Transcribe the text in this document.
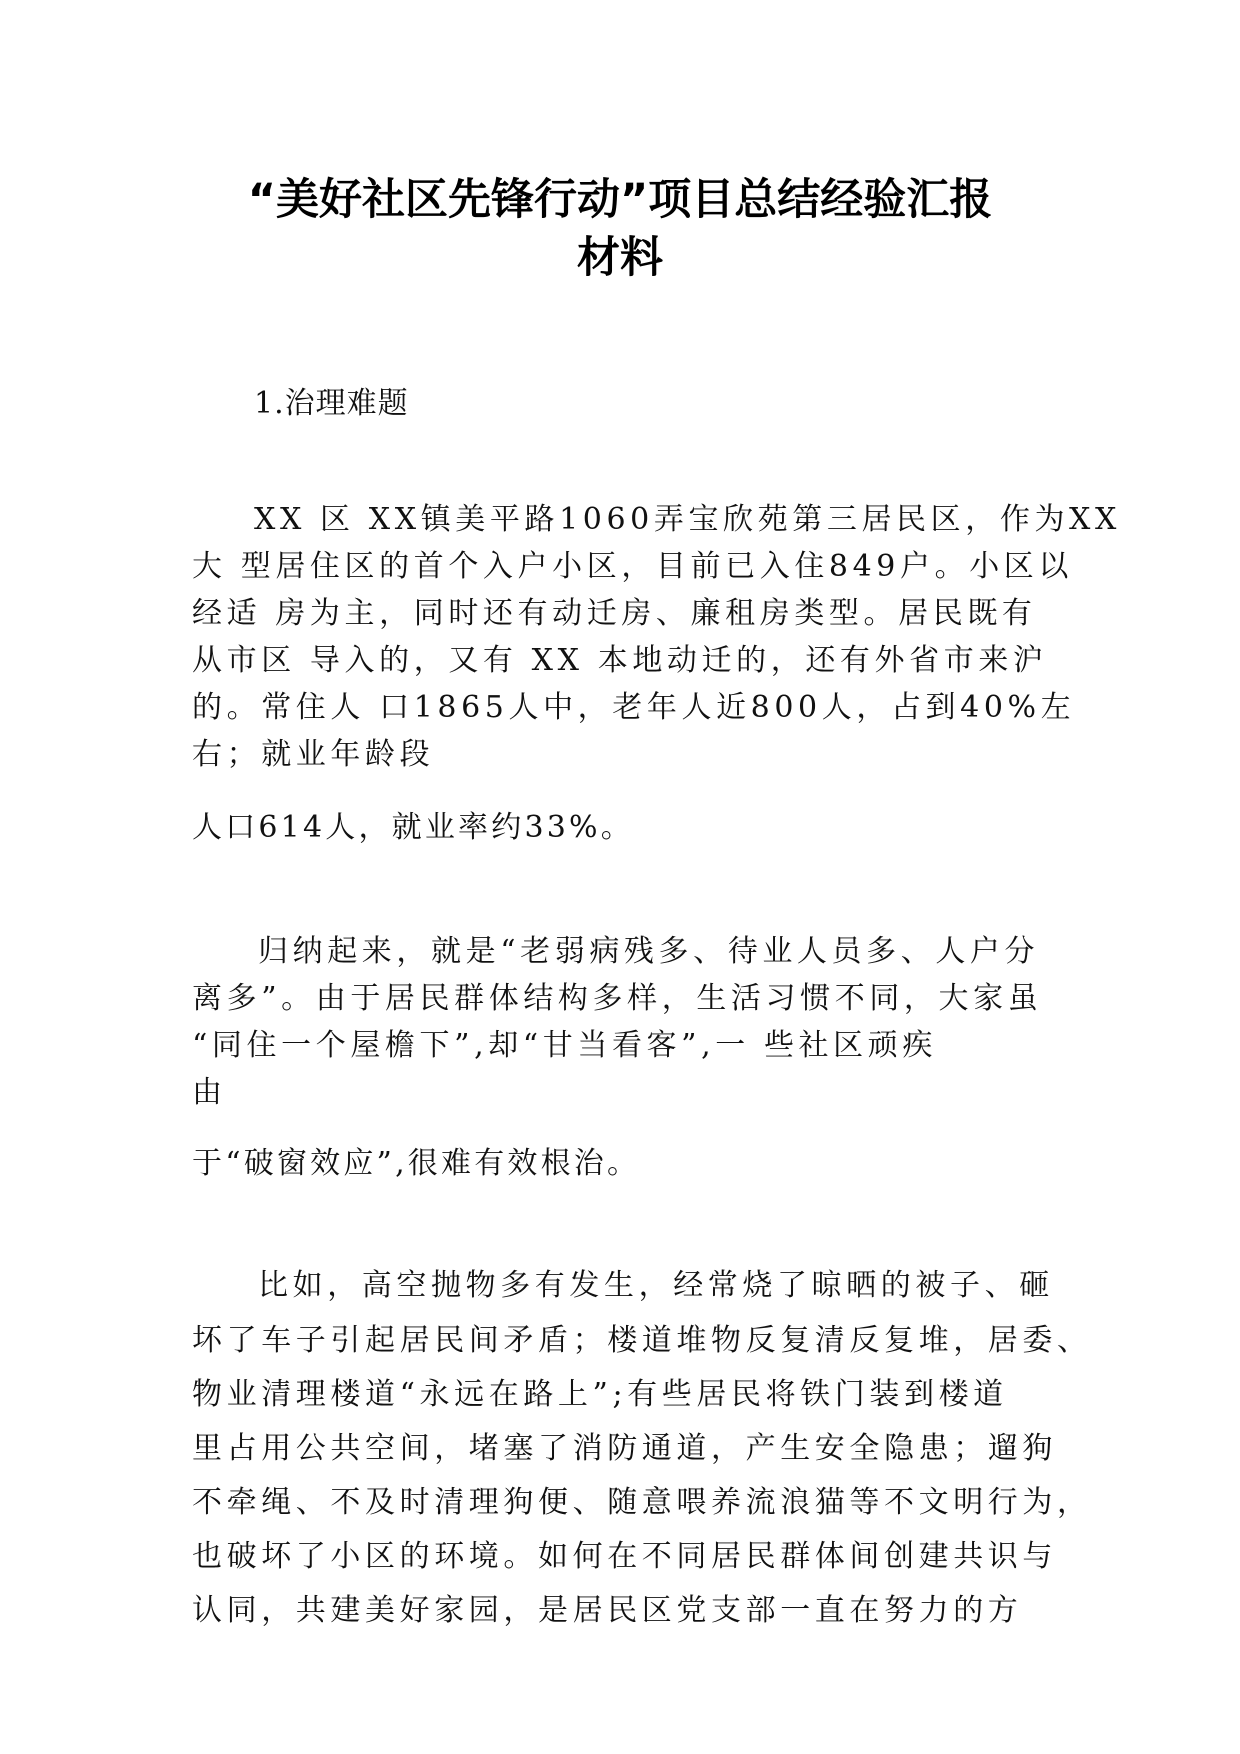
“美好社区先锋行动”项目总结经验汇报
材料

1.治理难题

XX 区 XX镇美平路1060弄宝欣苑第三居民区，作为XX

大 型居住区的首个入户小区，目前已入住849户。小区以

经适 房为主，同时还有动迁房、廉租房类型。居民既有

从市区 导入的，又有 XX 本地动迁的，还有外省市来沪

的。常住人 口1865人中，老年人近800人，占到40%左

右；就业年龄段

人口614人，就业率约33%。

归纳起来，就是“老弱病残多、待业人员多、人户分

离多”。由于居民群体结构多样，生活习惯不同，大家虽

“同住一个屋檐下”,却“甘当看客”,一 些社区顽疾

由

于“破窗效应”,很难有效根治。

比如，高空抛物多有发生，经常烧了晾晒的被子、砸

坏了车子引起居民间矛盾；楼道堆物反复清反复堆，居委、

物业清理楼道“永远在路上”;有些居民将铁门装到楼道

里占用公共空间，堵塞了消防通道，产生安全隐患；遛狗

不牵绳、不及时清理狗便、随意喂养流浪猫等不文明行为，

也破坏了小区的环境。如何在不同居民群体间创建共识与

认同，共建美好家园，是居民区党支部一直在努力的方
